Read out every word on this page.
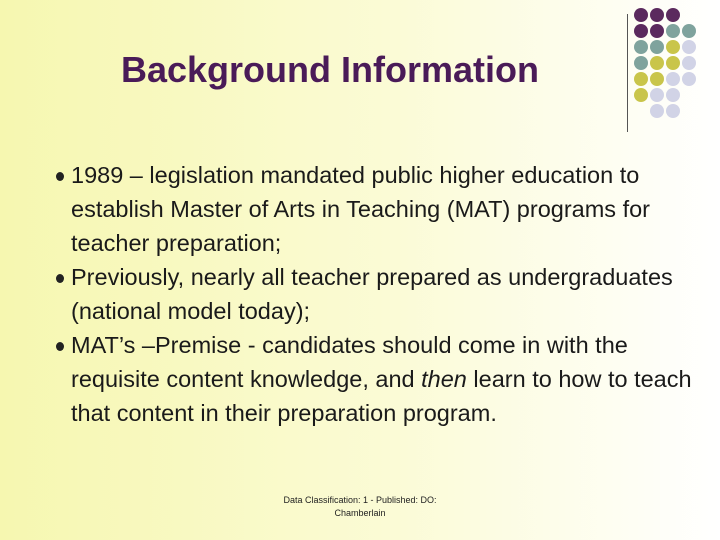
Background Information
1989 – legislation mandated public higher education to establish Master of Arts in Teaching (MAT) programs for teacher preparation;
Previously, nearly all teacher prepared as undergraduates (national model today);
MAT’s –Premise - candidates should come in with the requisite content knowledge, and then learn to how to teach that content in their preparation program.
Data Classification: 1 - Published: DO:
Chamberlain
